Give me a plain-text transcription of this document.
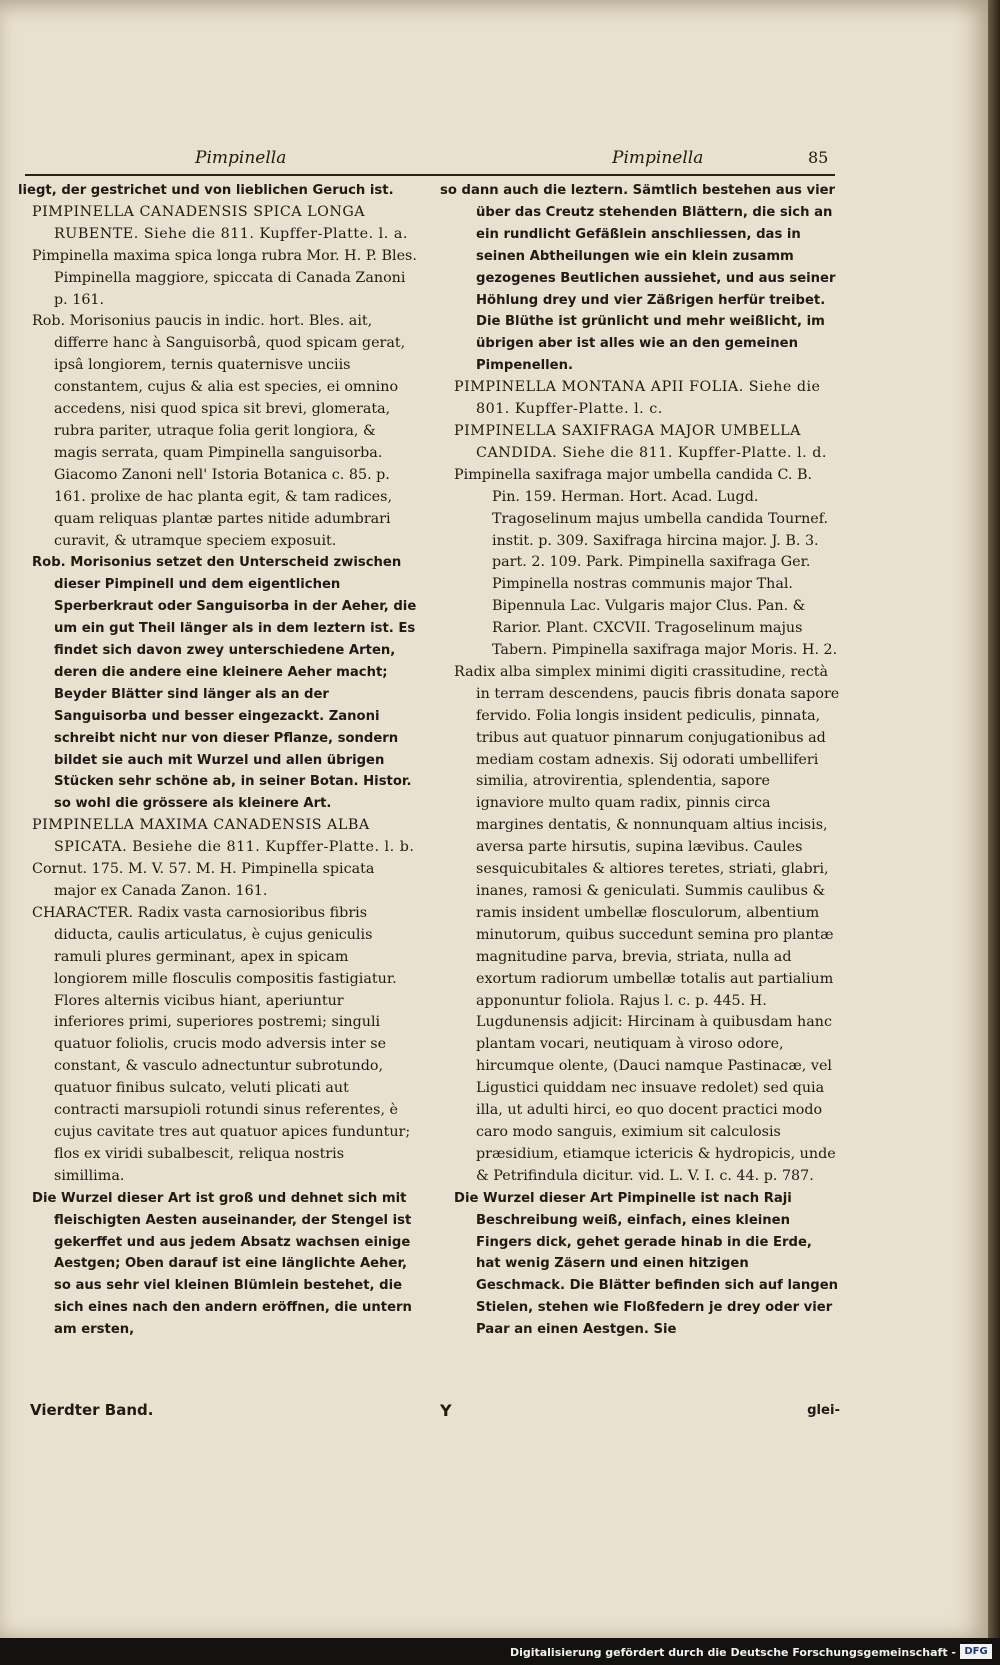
Pimpinella	Pimpinella	85

liegt, der gestrichet und von lieblichen Geruch ist.

PIMPINELLA CANADENSIS SPICA LONGA RUBENTE. Siehe die 811. Kupffer-Platte. l. a.

Pimpinella maxima spica longa rubra Mor. H. P. Bles. Pimpinella maggiore, spiccata di Canada Zanoni p. 161.

Rob. Morisonius paucis in indic. hort. Bles. ait, differre hanc à Sanguisorbâ, quod spicam gerat, ipsâ longiorem, ternis quaternisve unciis constantem, cujus & alia est species, ei omnino accedens, nisi quod spica sit brevi, glomerata, rubra pariter, utraque folia gerit longiora, & magis serrata, quam Pimpinella sanguisorba. Giacomo Zanoni nell' Istoria Botanica c. 85. p. 161. prolixe de hac planta egit, & tam radices, quam reliquas plantæ partes nitide adumbrari curavit, & utramque speciem exposuit.

Rob. Morisonius setzet den Unterscheid zwischen dieser Pimpinell und dem eigentlichen Sperberkraut oder Sanguisorba in der Aeher, die um ein gut Theil länger als in dem leztern ist. Es findet sich davon zwey unterschiedene Arten, deren die andere eine kleinere Aeher macht; Beyder Blätter sind länger als an der Sanguisorba und besser eingezackt. Zanoni schreibt nicht nur von dieser Pflanze, sondern bildet sie auch mit Wurzel und allen übrigen Stücken sehr schöne ab, in seiner Botan. Histor. so wohl die grössere als kleinere Art.

PIMPINELLA MAXIMA CANADENSIS ALBA SPICATA. Besiehe die 811. Kupffer-Platte. l. b.

Cornut. 175. M. V. 57. M. H. Pimpinella spicata major ex Canada Zanon. 161.

CHARACTER. Radix vasta carnosioribus fibris diducta, caulis articulatus, è cujus geniculis ramuli plures germinant, apex in spicam longiorem mille flosculis compositis fastigiatur. Flores alternis vicibus hiant, aperiuntur inferiores primi, superiores postremi; singuli quatuor foliolis, crucis modo adversis inter se constant, & vasculo adnectuntur subrotundo, quatuor finibus sulcato, veluti plicati aut contracti marsupioli rotundi sinus referentes, è cujus cavitate tres aut quatuor apices funduntur; flos ex viridi subalbescit, reliqua nostris simillima.

Die Wurzel dieser Art ist groß und dehnet sich mit fleischigten Aesten auseinander, der Stengel ist gekerffet und aus jedem Absatz wachsen einige Aestgen; Oben darauf ist eine länglichte Aeher, so aus sehr viel kleinen Blümlein bestehet, die sich eines nach den andern eröffnen, die untern am ersten,

so dann auch die leztern. Sämtlich bestehen aus vier über das Creutz stehenden Blättern, die sich an ein rundlicht Gefäßlein anschliessen, das in seinen Abtheilungen wie ein klein zusamm gezogenes Beutlichen aussiehet, und aus seiner Höhlung drey und vier Zäßrigen herfür treibet. Die Blüthe ist grünlicht und mehr weißlicht, im übrigen aber ist alles wie an den gemeinen Pimpenellen.

PIMPINELLA MONTANA APII FOLIA. Siehe die 801. Kupffer-Platte. l. c.

PIMPINELLA SAXIFRAGA MAJOR UMBELLA CANDIDA. Siehe die 811. Kupffer-Platte. l. d.

Pimpinella saxifraga major umbella candida C. B. Pin. 159. Herman. Hort. Acad. Lugd. Tragoselinum majus umbella candida Tournef. instit. p. 309. Saxifraga hircina major. J. B. 3. part. 2. 109. Park. Pimpinella saxifraga Ger. Pimpinella nostras communis major Thal. Bipennula Lac. Vulgaris major Clus. Pan. & Rarior. Plant. CXCVII. Tragoselinum majus Tabern. Pimpinella saxifraga major Moris. H. 2.

Radix alba simplex minimi digiti crassitudine, rectà in terram descendens, paucis fibris donata sapore fervido. Folia longis insident pediculis, pinnata, tribus aut quatuor pinnarum conjugationibus ad mediam costam adnexis. Sij odorati umbelliferi similia, atrovirentia, splendentia, sapore ignaviore multo quam radix, pinnis circa margines dentatis, & nonnunquam altius incisis, aversa parte hirsutis, supina lævibus. Caules sesquicubitales & altiores teretes, striati, glabri, inanes, ramosi & geniculati. Summis caulibus & ramis insident umbellæ flosculorum, albentium minutorum, quibus succedunt semina pro plantæ magnitudine parva, brevia, striata, nulla ad exortum radiorum umbellæ totalis aut partialium apponuntur foliola. Rajus l. c. p. 445. H. Lugdunensis adjicit: Hircinam à quibusdam hanc plantam vocari, neutiquam à viroso odore, hircumque olente, (Dauci namque Pastinacæ, vel Ligustici quiddam nec insuave redolet) sed quia illa, ut adulti hirci, eo quo docent practici modo caro modo sanguis, eximium sit calculosis præsidium, etiamque ictericis & hydropicis, unde & Petrifindula dicitur. vid. L. V. I. c. 44. p. 787.

Die Wurzel dieser Art Pimpinelle ist nach Raji Beschreibung weiß, einfach, eines kleinen Fingers dick, gehet gerade hinab in die Erde, hat wenig Zäsern und einen hitzigen Geschmack. Die Blätter befinden sich auf langen Stielen, stehen wie Floßfedern je drey oder vier Paar an einen Aestgen. Sie

Vierdter Band.	Y	glei-
Digitalisierung gefördert durch die Deutsche Forschungsgemeinschaft - DFG
